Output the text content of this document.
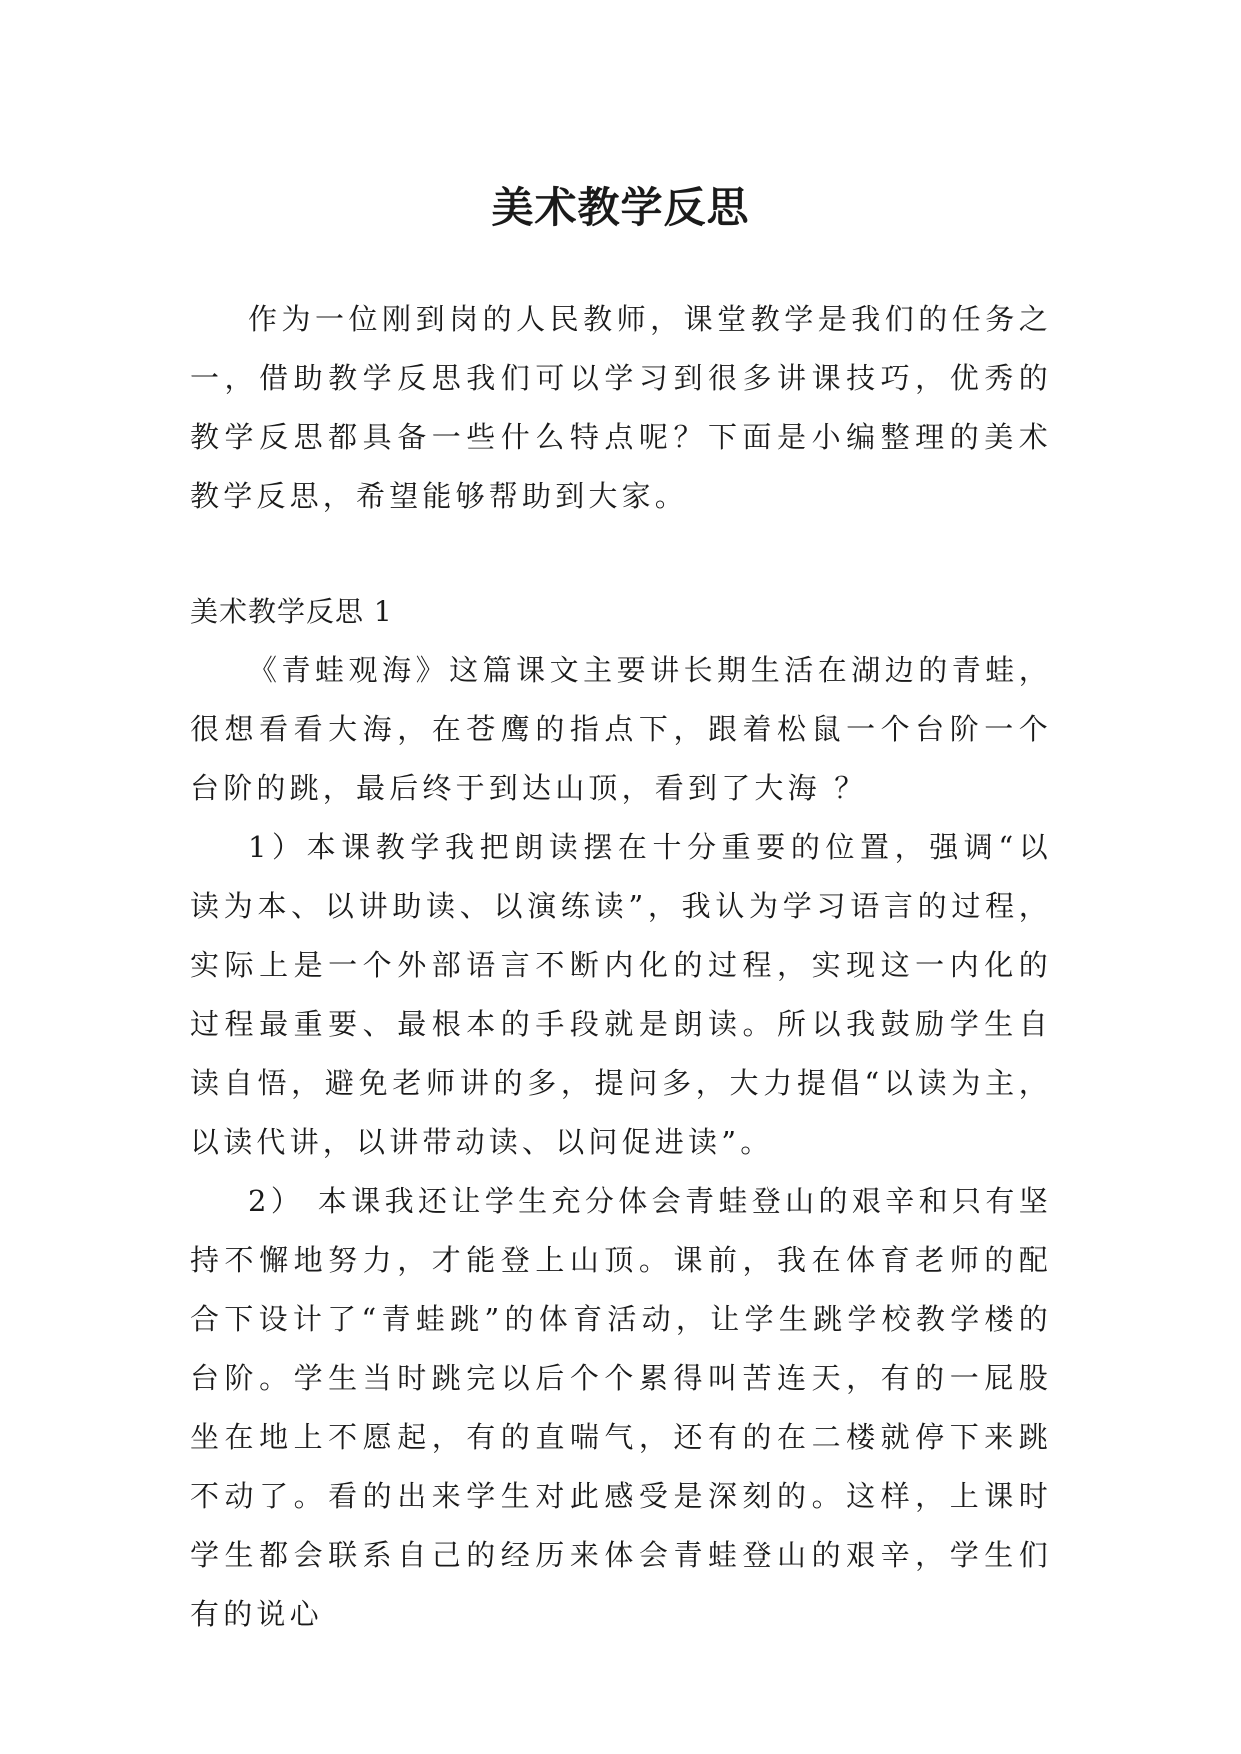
美术教学反思

作为一位刚到岗的人民教师，课堂教学是我们的任务之一，借助教学反思我们可以学习到很多讲课技巧，优秀的教学反思都具备一些什么特点呢？下面是小编整理的美术教学反思，希望能够帮助到大家。

美术教学反思 1

《青蛙观海》这篇课文主要讲长期生活在湖边的青蛙，很想看看大海，在苍鹰的指点下，跟着松鼠一个台阶一个台阶的跳，最后终于到达山顶，看到了大海 ？

1）本课教学我把朗读摆在十分重要的位置，强调“以读为本、以讲助读、以演练读”，我认为学习语言的过程，实际上是一个外部语言不断内化的过程，实现这一内化的过程最重要、最根本的手段就是朗读。所以我鼓励学生自读自悟，避免老师讲的多，提问多，大力提倡“以读为主，以读代讲，以讲带动读、以问促进读”。

2） 本课我还让学生充分体会青蛙登山的艰辛和只有坚持不懈地努力，才能登上山顶。课前，我在体育老师的配合下设计了“青蛙跳”的体育活动，让学生跳学校教学楼的台阶。学生当时跳完以后个个累得叫苦连天，有的一屁股坐在地上不愿起，有的直喘气，还有的在二楼就停下来跳不动了。看的出来学生对此感受是深刻的。这样，上课时学生都会联系自己的经历来体会青蛙登山的艰辛，学生们有的说心
